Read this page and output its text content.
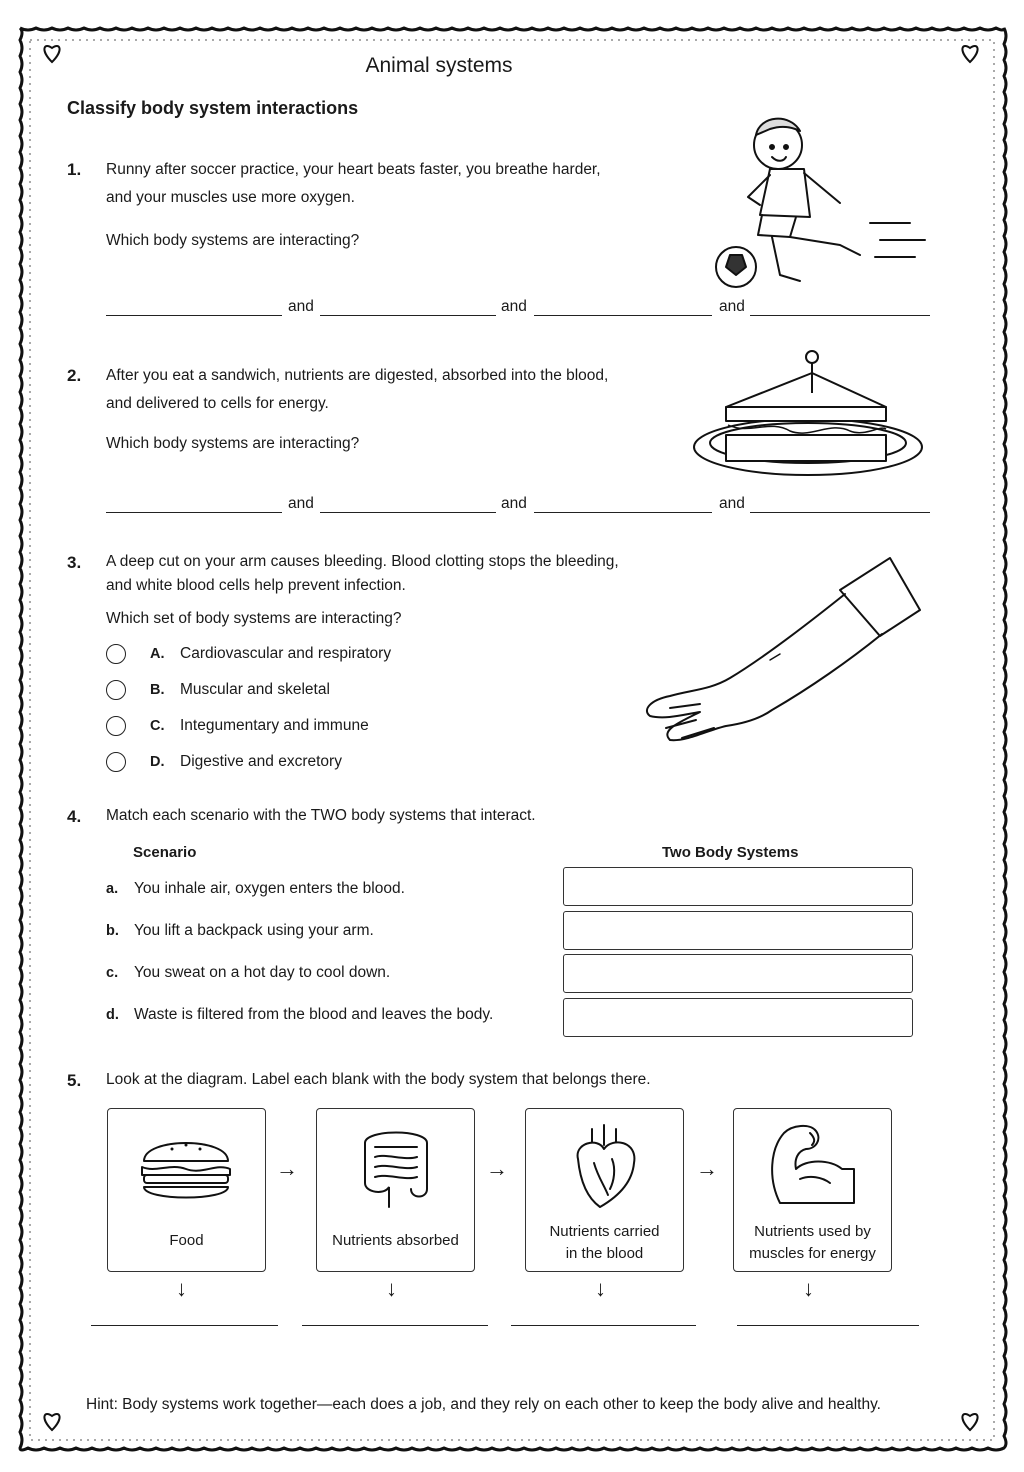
Animal systems
Classify body system interactions
1. Runny after soccer practice, your heart beats faster, you breathe harder,
and your muscles use more oxygen.
Which body systems are interacting?
and	and	and
2. After you eat a sandwich, nutrients are digested, absorbed into the blood,
and delivered to cells for energy.
Which body systems are interacting?
and	and	and
3. A deep cut on your arm causes bleeding. Blood clotting stops the bleeding,
and white blood cells help prevent infection.
Which set of body systems are interacting?
A. Cardiovascular and respiratory
B. Muscular and skeletal
C. Integumentary and immune
D. Digestive and excretory
4. Match each scenario with the TWO body systems that interact.
Scenario	Two Body Systems
a. You inhale air, oxygen enters the blood.
b. You lift a backpack using your arm.
c. You sweat on a hot day to cool down.
d. Waste is filtered from the blood and leaves the body.
5. Look at the diagram. Label each blank with the body system that belongs there.
Food
→
Nutrients absorbed
→
Nutrients carried
in the blood
→
Nutrients used by
muscles for energy
↓	↓	↓	↓
Hint: Body systems work together—each does a job, and they rely on each other to keep the body alive and healthy.
